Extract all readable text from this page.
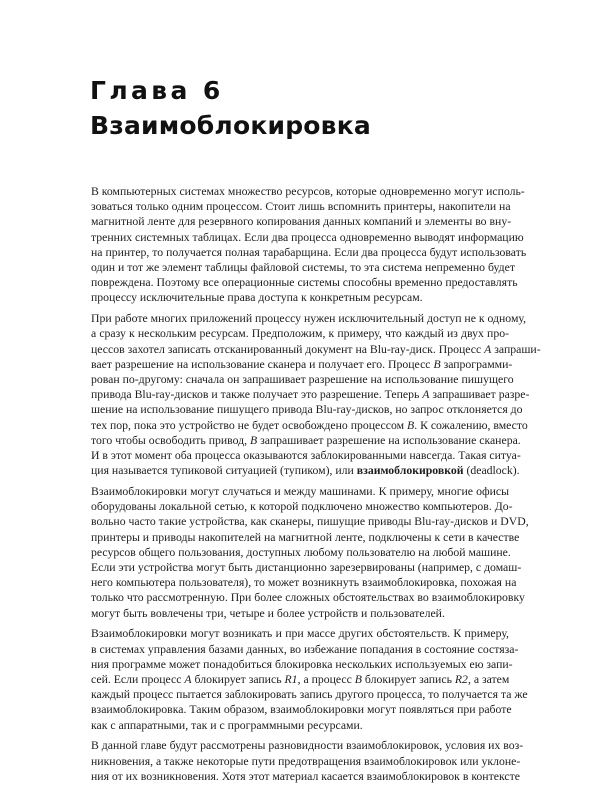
Глава 6
Взаимоблокировка
В компьютерных системах множество ресурсов, которые одновременно могут исполь-
зоваться только одним процессом. Стоит лишь вспомнить принтеры, накопители на
магнитной ленте для резервного копирования данных компаний и элементы во вну-
тренних системных таблицах. Если два процесса одновременно выводят информацию
на принтер, то получается полная тарабарщина. Если два процесса будут использовать
один и тот же элемент таблицы файловой системы, то эта система непременно будет
повреждена. Поэтому все операционные системы способны временно предоставлять
процессу исключительные права доступа к конкретным ресурсам.
При работе многих приложений процессу нужен исключительный доступ не к одному,
а сразу к нескольким ресурсам. Предположим, к примеру, что каждый из двух про-
цессов захотел записать отсканированный документ на Blu-ray-диск. Процесс A запраши-
вает разрешение на использование сканера и получает его. Процесс B запрограмми-
рован по-другому: сначала он запрашивает разрешение на использование пишущего
привода Blu-ray-дисков и также получает это разрешение. Теперь A запрашивает разре-
шение на использование пишущего привода Blu-ray-дисков, но запрос отклоняется до
тех пор, пока это устройство не будет освобождено процессом B. К сожалению, вместо
того чтобы освободить привод, B запрашивает разрешение на использование сканера.
И в этот момент оба процесса оказываются заблокированными навсегда. Такая ситуа-
ция называется тупиковой ситуацией (тупиком), или взаимоблокировкой (deadlock).
Взаимоблокировки могут случаться и между машинами. К примеру, многие офисы
оборудованы локальной сетью, к которой подключено множество компьютеров. До-
вольно часто такие устройства, как сканеры, пишущие приводы Blu-ray-дисков и DVD,
принтеры и приводы накопителей на магнитной ленте, подключены к сети в качестве
ресурсов общего пользования, доступных любому пользователю на любой машине.
Если эти устройства могут быть дистанционно зарезервированы (например, с домаш-
него компьютера пользователя), то может возникнуть взаимоблокировка, похожая на
только что рассмотренную. При более сложных обстоятельствах во взаимоблокировку
могут быть вовлечены три, четыре и более устройств и пользователей.
Взаимоблокировки могут возникать и при массе других обстоятельств. К примеру,
в системах управления базами данных, во избежание попадания в состояние состяза-
ния программе может понадобиться блокировка нескольких используемых ею запи-
сей. Если процесс A блокирует запись R1, а процесс B блокирует запись R2, а затем
каждый процесс пытается заблокировать запись другого процесса, то получается та же
взаимоблокировка. Таким образом, взаимоблокировки могут появляться при работе
как с аппаратными, так и с программными ресурсами.
В данной главе будут рассмотрены разновидности взаимоблокировок, условия их воз-
никновения, а также некоторые пути предотвращения взаимоблокировок или уклоне-
ния от их возникновения. Хотя этот материал касается взаимоблокировок в контексте
